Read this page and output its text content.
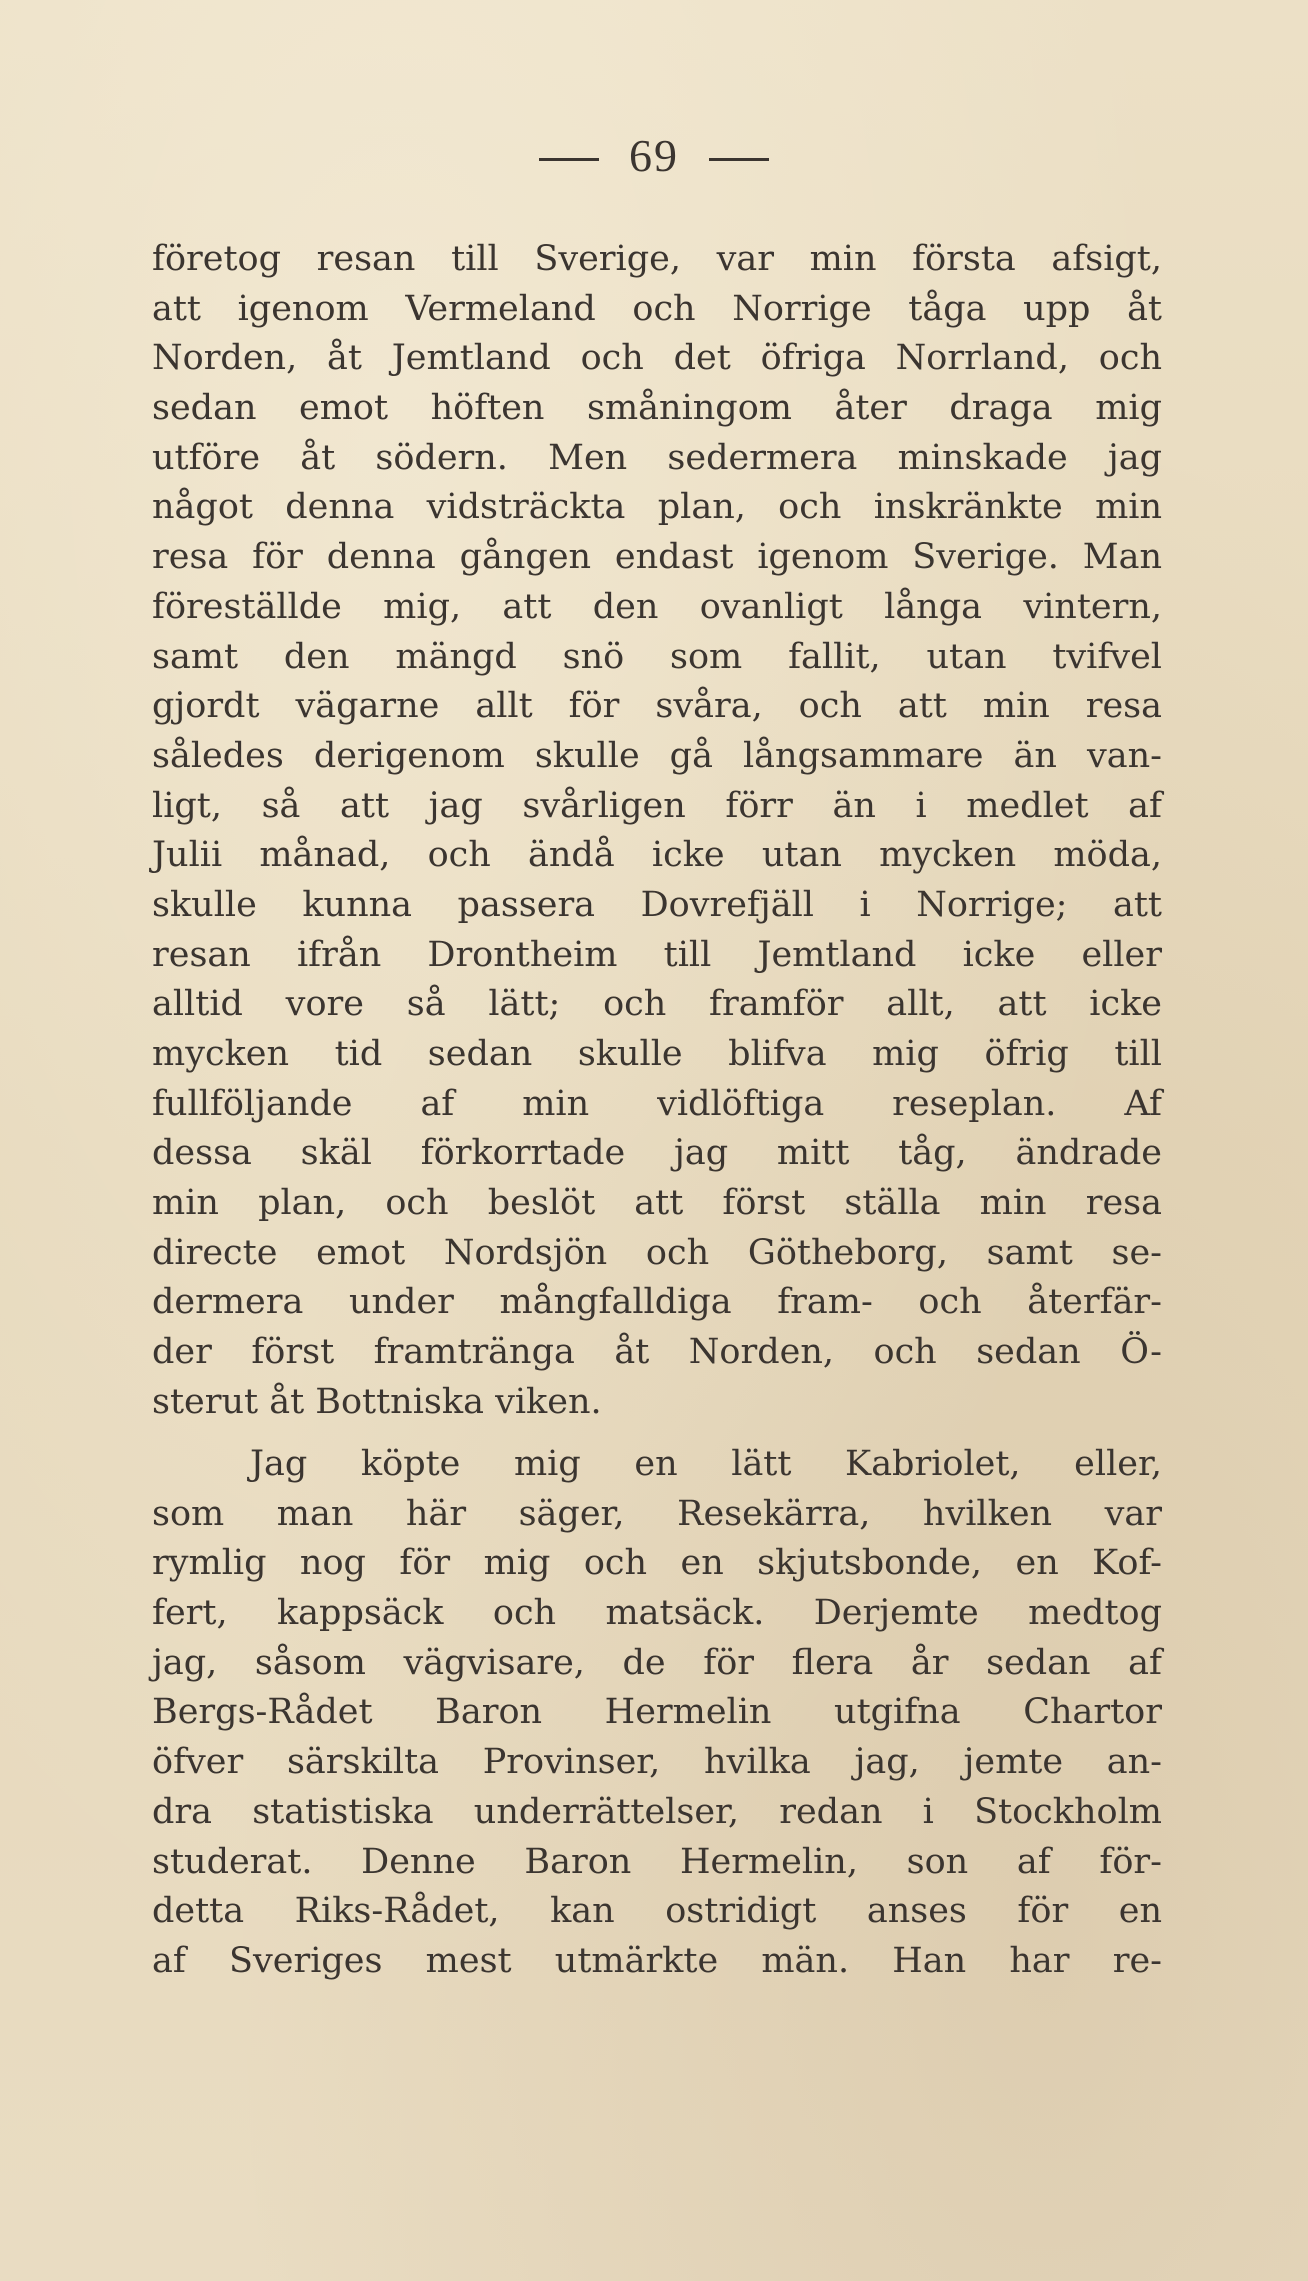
69
företog resan till Sverige, var min första afsigt,
att igenom Vermeland och Norrige tåga upp åt
Norden, åt Jemtland och det öfriga Norrland, och
sedan emot höften småningom åter draga mig
utföre åt södern. Men sedermera minskade jag
något denna vidsträckta plan, och inskränkte min
resa för denna gången endast igenom Sverige. Man
föreställde mig, att den ovanligt långa vintern,
samt den mängd snö som fallit, utan tvifvel
gjordt vägarne allt för svåra, och att min resa
således derigenom skulle gå långsammare än van-
ligt, så att jag svårligen förr än i medlet af
Julii månad, och ändå icke utan mycken möda,
skulle kunna passera Dovrefjäll i Norrige; att
resan ifrån Drontheim till Jemtland icke eller
alltid vore så lätt; och framför allt, att icke
mycken tid sedan skulle blifva mig öfrig till
fullföljande af min vidlöftiga reseplan. Af
dessa skäl förkorrtade jag mitt tåg, ändrade
min plan, och beslöt att först ställa min resa
directe emot Nordsjön och Götheborg, samt se-
dermera under mångfalldiga fram- och återfär-
der först framtränga åt Norden, och sedan Ö-
sterut åt Bottniska viken.
Jag köpte mig en lätt Kabriolet, eller,
som man här säger, Resekärra, hvilken var
rymlig nog för mig och en skjutsbonde, en Kof-
fert, kappsäck och matsäck. Derjemte medtog
jag, såsom vägvisare, de för flera år sedan af
Bergs-Rådet Baron Hermelin utgifna Chartor
öfver särskilta Provinser, hvilka jag, jemte an-
dra statistiska underrättelser, redan i Stockholm
studerat. Denne Baron Hermelin, son af för-
detta Riks-Rådet, kan ostridigt anses för en
af Sveriges mest utmärkte män. Han har re-
